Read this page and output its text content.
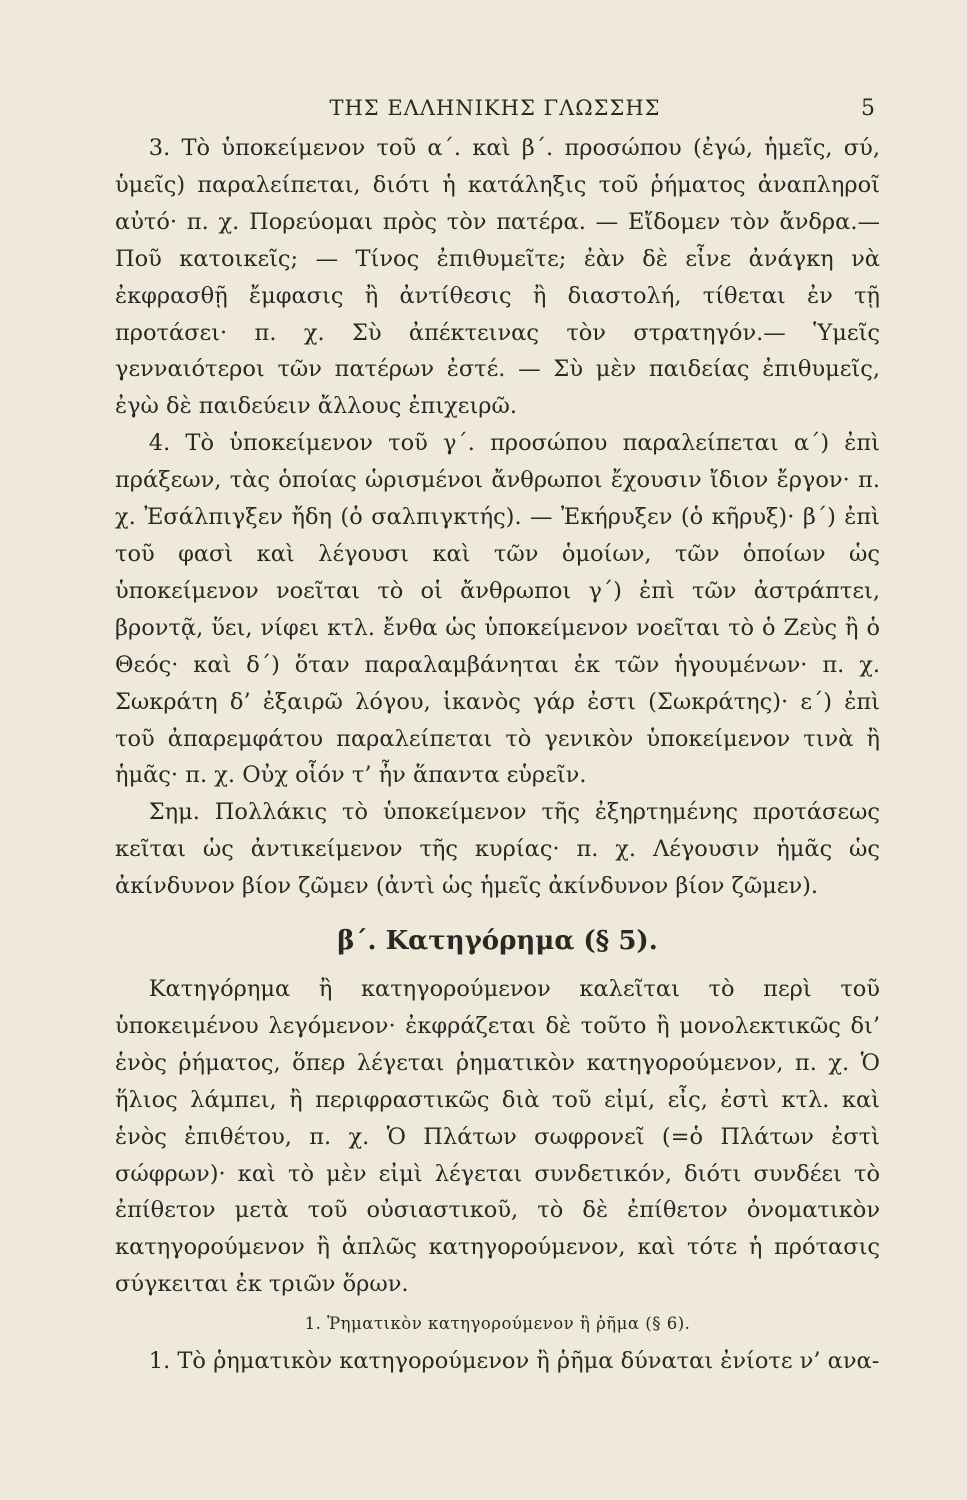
ΤΗΣ ΕΛΛΗΝΙΚΗΣ ΓΛΩΣΣΗΣ	5

3. Τὸ ὑποκείμενον τοῦ α΄. καὶ β΄. προσώπου (ἐγώ, ἡμεῖς, σύ, ὑμεῖς) παραλείπεται, διότι ἡ κατάληξις τοῦ ῥήματος ἀναπληροῖ αὐτό· π. χ. Πορεύομαι πρὸς τὸν πατέρα. — Εἴδομεν τὸν ἄνδρα.— Ποῦ κατοικεῖς; — Τίνος ἐπιθυμεῖτε; ἐὰν δὲ εἶνε ἀνάγκη νὰ ἐκφρασθῇ ἔμφασις ἢ ἀντίθεσις ἢ διαστολή, τίθεται ἐν τῇ προτάσει· π. χ. Σὺ ἀπέκτεινας τὸν στρατηγόν.— Ὑμεῖς γενναιότεροι τῶν πατέρων ἐστέ. — Σὺ μὲν παιδείας ἐπιθυμεῖς, ἐγὼ δὲ παιδεύειν ἄλλους ἐπιχειρῶ.

4. Τὸ ὑποκείμενον τοῦ γ΄. προσώπου παραλείπεται α΄) ἐπὶ πράξεων, τὰς ὁποίας ὡρισμένοι ἄνθρωποι ἔχουσιν ἴδιον ἔργον· π. χ. Ἐσάλπιγξεν ἤδη (ὁ σαλπιγκτής). — Ἐκήρυξεν (ὁ κῆρυξ)· β΄) ἐπὶ τοῦ φασὶ καὶ λέγουσι καὶ τῶν ὁμοίων, τῶν ὁποίων ὡς ὑποκείμενον νοεῖται τὸ οἱ ἄνθρωποι γ΄) ἐπὶ τῶν ἀστράπτει, βροντᾷ, ὕει, νίφει κτλ. ἔνθα ὡς ὑποκείμενον νοεῖται τὸ ὁ Ζεὺς ἢ ὁ Θεός· καὶ δ΄) ὅταν παραλαμβάνηται ἐκ τῶν ἡγουμένων· π. χ. Σωκράτη δ’ ἐξαιρῶ λόγου, ἱκανὸς γάρ ἐστι (Σωκράτης)· ε΄) ἐπὶ τοῦ ἀπαρεμφάτου παραλείπεται τὸ γενικὸν ὑποκείμενον τινὰ ἢ ἡμᾶς· π. χ. Οὐχ οἷόν τ’ ἦν ἅπαντα εὑρεῖν.

Σημ. Πολλάκις τὸ ὑποκείμενον τῆς ἐξηρτημένης προτάσεως κεῖται ὡς ἀντικείμενον τῆς κυρίας· π. χ. Λέγουσιν ἡμᾶς ὡς ἀκίνδυνον βίον ζῶμεν (ἀντὶ ὡς ἡμεῖς ἀκίνδυνον βίον ζῶμεν).

β΄. Κατηγόρημα (§ 5).

Κατηγόρημα ἢ κατηγορούμενον καλεῖται τὸ περὶ τοῦ ὑποκειμένου λεγόμενον· ἐκφράζεται δὲ τοῦτο ἢ μονολεκτικῶς δι’ ἑνὸς ῥήματος, ὅπερ λέγεται ῥηματικὸν κατηγορούμενον, π. χ. Ὁ ἥλιος λάμπει, ἢ περιφραστικῶς διὰ τοῦ εἰμί, εἶς, ἐστὶ κτλ. καὶ ἑνὸς ἐπιθέτου, π. χ. Ὁ Πλάτων σωφρονεῖ (=ὁ Πλάτων ἐστὶ σώφρων)· καὶ τὸ μὲν εἰμὶ λέγεται συνδετικόν, διότι συνδέει τὸ ἐπίθετον μετὰ τοῦ οὐσιαστικοῦ, τὸ δὲ ἐπίθετον ὀνοματικὸν κατηγορούμενον ἢ ἁπλῶς κατηγορούμενον, καὶ τότε ἡ πρότασις σύγκειται ἐκ τριῶν ὅρων.

1. Ῥηματικὸν κατηγορούμενον ἢ ῥῆμα (§ 6).

1. Τὸ ῥηματικὸν κατηγορούμενον ἢ ῥῆμα δύναται ἐνίοτε ν’ ανα-
